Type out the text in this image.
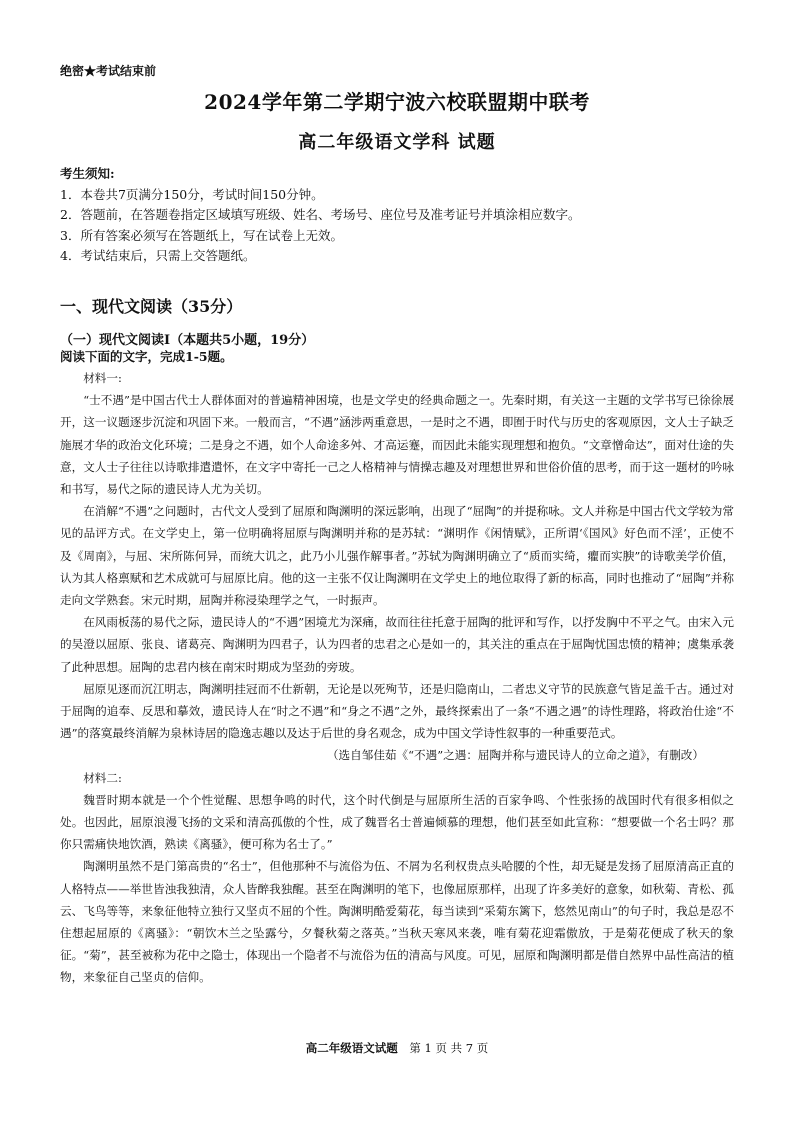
绝密★考试结束前
2024学年第二学期宁波六校联盟期中联考
高二年级语文学科 试题
考生须知:
1．本卷共7页满分150分，考试时间150分钟。
2．答题前，在答题卷指定区域填写班级、姓名、考场号、座位号及准考证号并填涂相应数字。
3．所有答案必须写在答题纸上，写在试卷上无效。
4．考试结束后，只需上交答题纸。
一、现代文阅读（35分）
（一）现代文阅读Ⅰ（本题共5小题，19分）
阅读下面的文字，完成1-5题。

材料一:

“士不遇”是中国古代士人群体面对的普遍精神困境，也是文学史的经典命题之一。先秦时期，有关这一主题的文学书写已徐徐展开，这一议题逐步沉淀和巩固下来。一般而言，“不遇”涵涉两重意思，一是时之不遇，即囿于时代与历史的客观原因，文人士子缺乏施展才华的政治文化环境；二是身之不遇，如个人命途多舛、才高运蹇，而因此未能实现理想和抱负。“文章憎命达”，面对仕途的失意，文人士子往往以诗歌排遣遣怀，在文字中寄托一己之人格精神与情操志趣及对理想世界和世俗价值的思考，而于这一题材的吟咏和书写，易代之际的遗民诗人尤为关切。

在消解“不遇”之问题时，古代文人受到了屈原和陶渊明的深远影响，出现了“屈陶”的并提称咏。文人并称是中国古代文学较为常见的品评方式。在文学史上，第一位明确将屈原与陶渊明并称的是苏轼：“渊明作《闲情赋》，正所谓‘《国风》好色而不淫’，正使不及《周南》，与屈、宋所陈何异，而统大讥之，此乃小儿强作解事者。”苏轼为陶渊明确立了“质而实绮，癯而实腴”的诗歌美学价值，认为其人格禀赋和艺术成就可与屈原比肩。他的这一主张不仅让陶渊明在文学史上的地位取得了新的标高，同时也推动了“屈陶”并称走向文学熟套。宋元时期，屈陶并称浸染理学之气，一时振声。

在风雨板荡的易代之际，遗民诗人的“不遇”困境尤为深痛，故而往往托意于屈陶的批评和写作，以抒发胸中不平之气。由宋入元的吴澄以屈原、张良、诸葛亮、陶渊明为四君子，认为四者的忠君之心是如一的，其关注的重点在于屈陶忧国忠愤的精神；虞集承袭了此种思想。屈陶的忠君内核在南宋时期成为坚劲的旁玻。

屈原见逐而沉江明志，陶渊明挂冠而不仕新朝，无论是以死殉节，还是归隐南山，二者忠义守节的民族意气皆足盖千古。通过对于屈陶的追奉、反思和摹效，遗民诗人在“时之不遇”和“身之不遇”之外，最终探索出了一条“不遇之遇”的诗性理路，将政治仕途“不遇”的落寞最终消解为泉林诗居的隐逸志趣以及达于后世的身名观念，成为中国文学诗性叙事的一种重要范式。

（选自邹佳茹《“不遇”之遇：屈陶并称与遗民诗人的立命之道》，有删改）

材料二:

魏晋时期本就是一个个性觉醒、思想争鸣的时代，这个时代倒是与屈原所生活的百家争鸣、个性张扬的战国时代有很多相似之处。也因此，屈原浪漫飞扬的文采和清高孤傲的个性，成了魏晋名士普遍倾慕的理想，他们甚至如此宣称：“想要做一个名士吗？那你只需痛快地饮酒，熟读《离骚》，便可称为名士了。”

陶渊明虽然不是门第高贵的“名士”，但他那种不与流俗为伍、不屑为名利权贵点头哈腰的个性，却无疑是发扬了屈原清高正直的人格特点——举世皆浊我独清，众人皆醉我独醒。甚至在陶渊明的笔下，也像屈原那样，出现了许多美好的意象，如秋菊、青松、孤云、飞鸟等等，来象征他特立独行又坚贞不屈的个性。陶渊明酷爱菊花，每当读到“采菊东篱下，悠然见南山”的句子时，我总是忍不住想起屈原的《离骚》：“朝饮木兰之坠露兮，夕餐秋菊之落英。”当秋天寒风来袭，唯有菊花迎霜傲放，于是菊花便成了秋天的象征。“菊”，甚至被称为花中之隐士，体现出一个隐者不与流俗为伍的清高与风度。可见，屈原和陶渊明都是借自然界中品性高洁的植物，来象征自己坚贞的信仰。

高二年级语文试题 第 1 页 共 7 页
